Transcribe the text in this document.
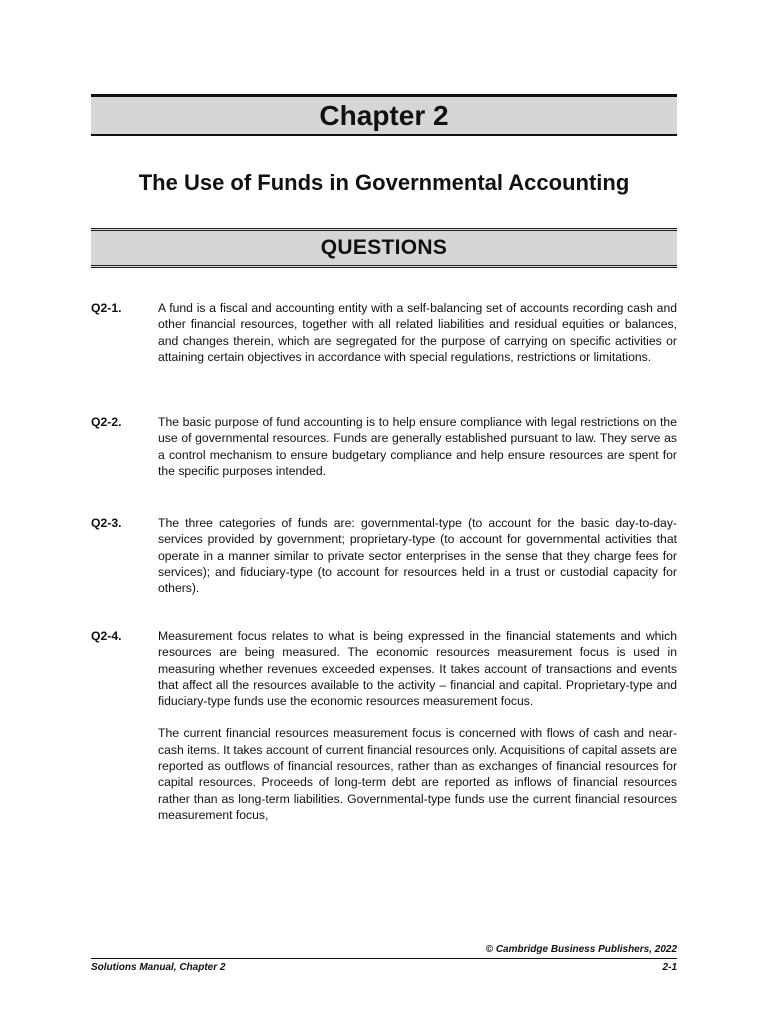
Chapter 2
The Use of Funds in Governmental Accounting
QUESTIONS
Q2-1.	A fund is a fiscal and accounting entity with a self-balancing set of accounts recording cash and other financial resources, together with all related liabilities and residual equities or balances, and changes therein, which are segregated for the purpose of carrying on specific activities or attaining certain objectives in accordance with special regulations, restrictions or limitations.

Q2-2.	The basic purpose of fund accounting is to help ensure compliance with legal restrictions on the use of governmental resources. Funds are generally established pursuant to law. They serve as a control mechanism to ensure budgetary compliance and help ensure resources are spent for the specific purposes intended.

Q2-3.	The three categories of funds are: governmental-type (to account for the basic day-to-day-services provided by government; proprietary-type (to account for governmental activities that operate in a manner similar to private sector enterprises in the sense that they charge fees for services); and fiduciary-type (to account for resources held in a trust or custodial capacity for others).

Q2-4.	Measurement focus relates to what is being expressed in the financial statements and which resources are being measured. The economic resources measurement focus is used in measuring whether revenues exceeded expenses. It takes account of transactions and events that affect all the resources available to the activity – financial and capital. Proprietary-type and fiduciary-type funds use the economic resources measurement focus.

The current financial resources measurement focus is concerned with flows of cash and near-cash items. It takes account of current financial resources only. Acquisitions of capital assets are reported as outflows of financial resources, rather than as exchanges of financial resources for capital resources. Proceeds of long-term debt are reported as inflows of financial resources rather than as long-term liabilities. Governmental-type funds use the current financial resources measurement focus,

© Cambridge Business Publishers, 2022
Solutions Manual, Chapter 2	2-1
